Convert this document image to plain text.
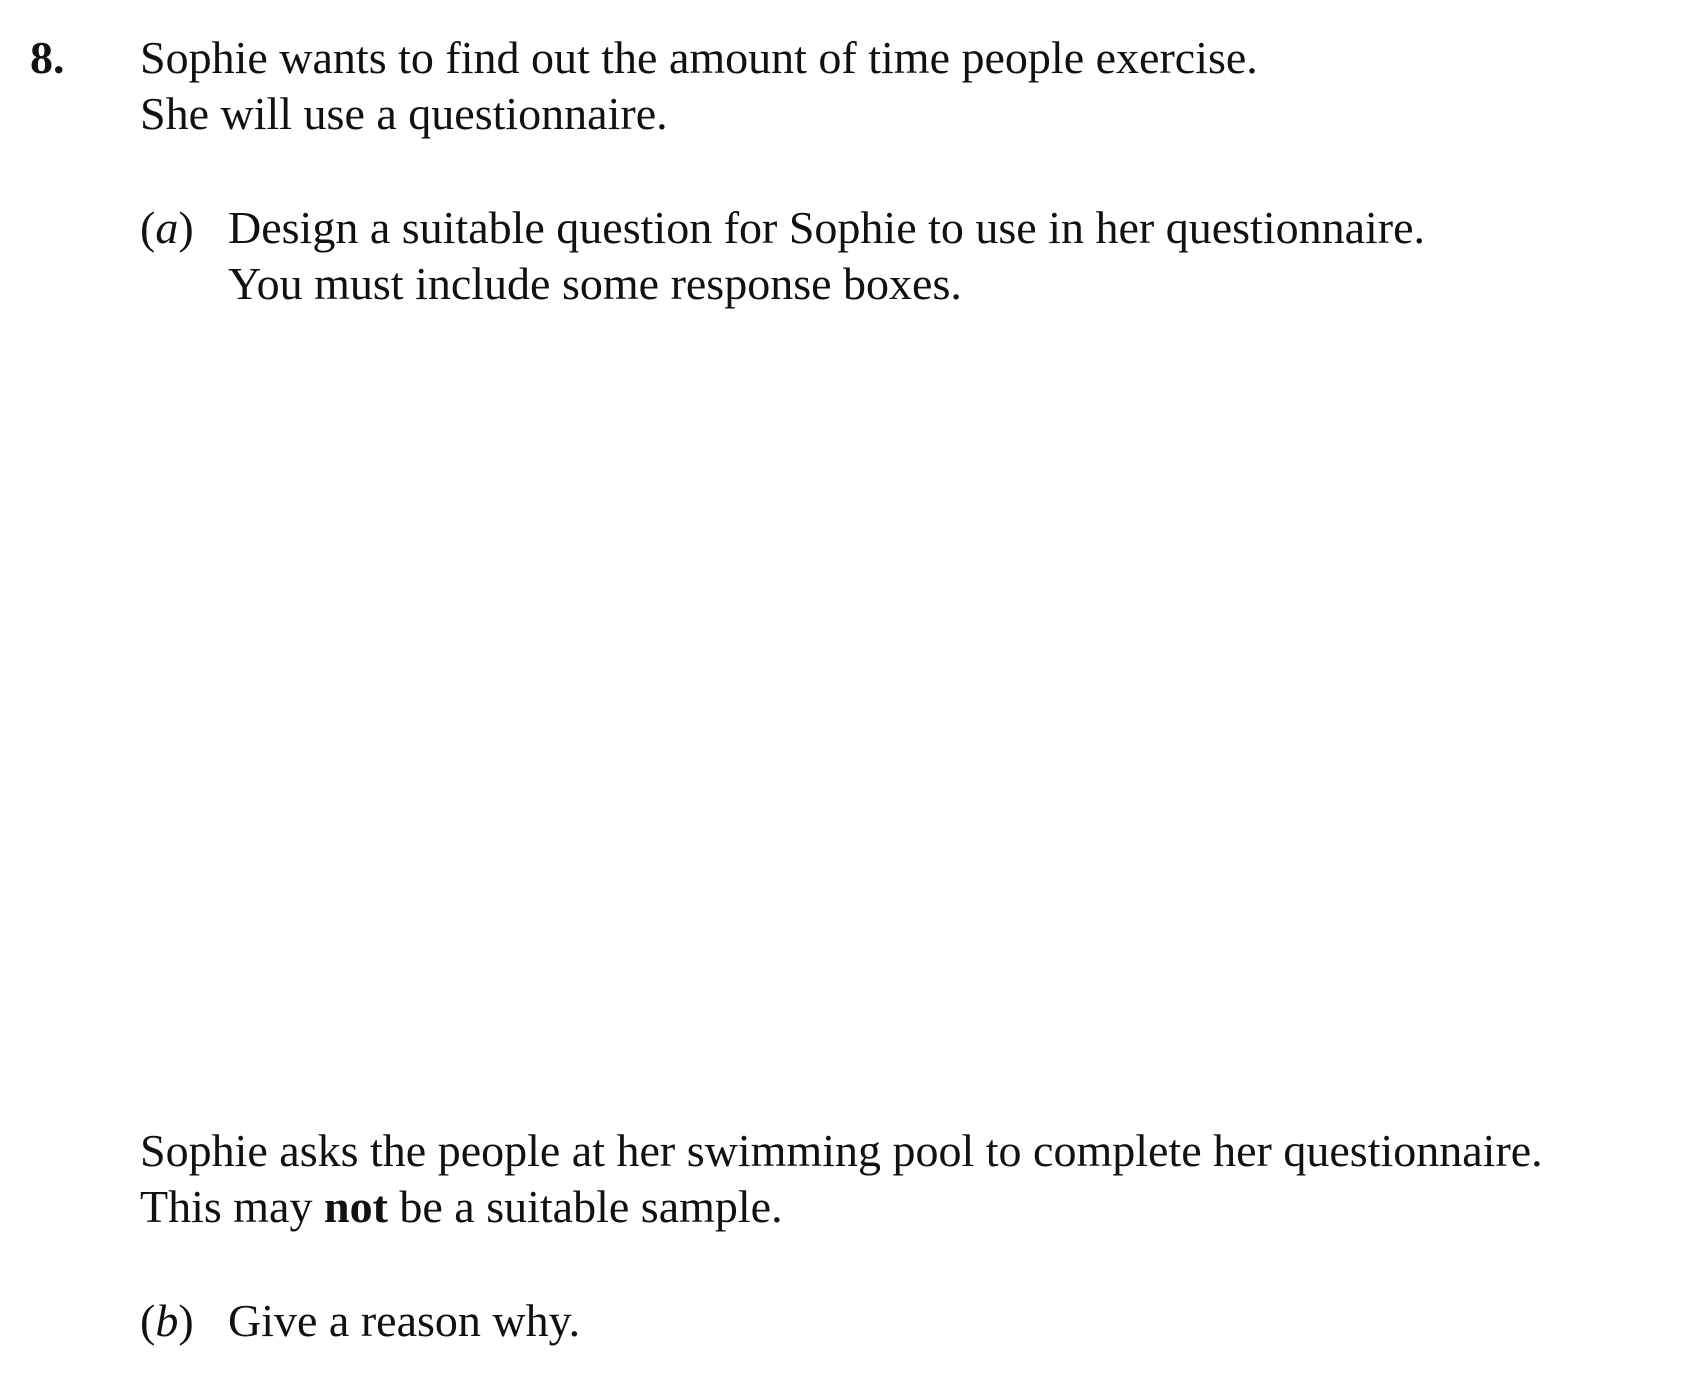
8. Sophie wants to find out the amount of time people exercise.
She will use a questionnaire.
(a) Design a suitable question for Sophie to use in her questionnaire.
You must include some response boxes.
Sophie asks the people at her swimming pool to complete her questionnaire.
This may not be a suitable sample.
(b) Give a reason why.
